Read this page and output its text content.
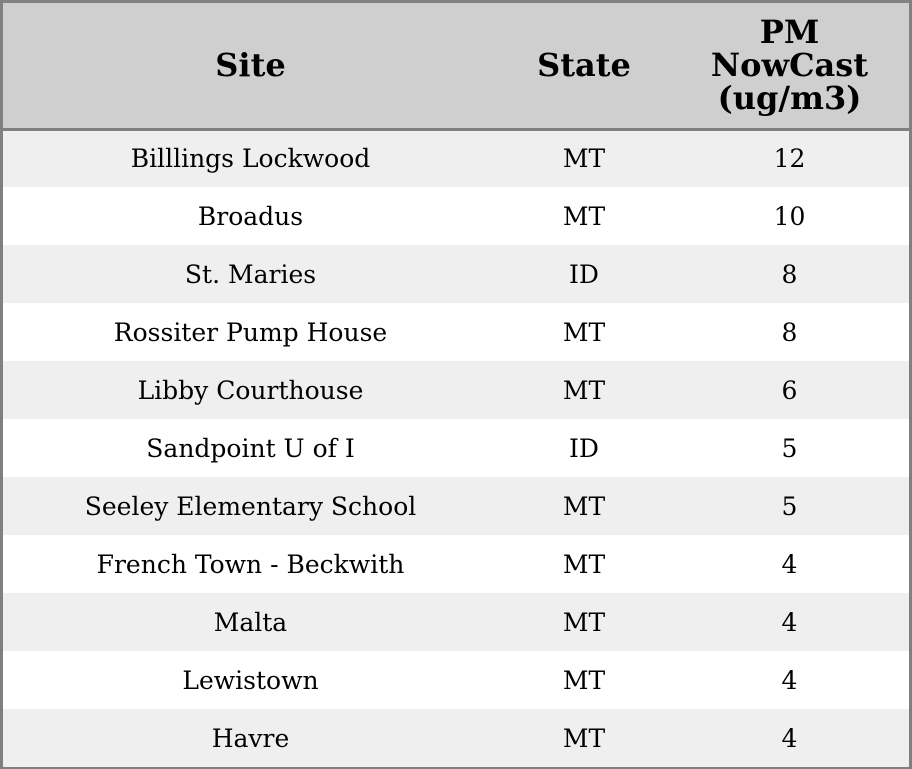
Site	State	PM
NowCast
(ug/m3)

Billlings Lockwood	MT	12
Broadus	MT	10
St. Maries	ID	8
Rossiter Pump House	MT	8
Libby Courthouse	MT	6
Sandpoint U of I	ID	5
Seeley Elementary School	MT	5
French Town - Beckwith	MT	4
Malta	MT	4
Lewistown	MT	4
Havre	MT	4
